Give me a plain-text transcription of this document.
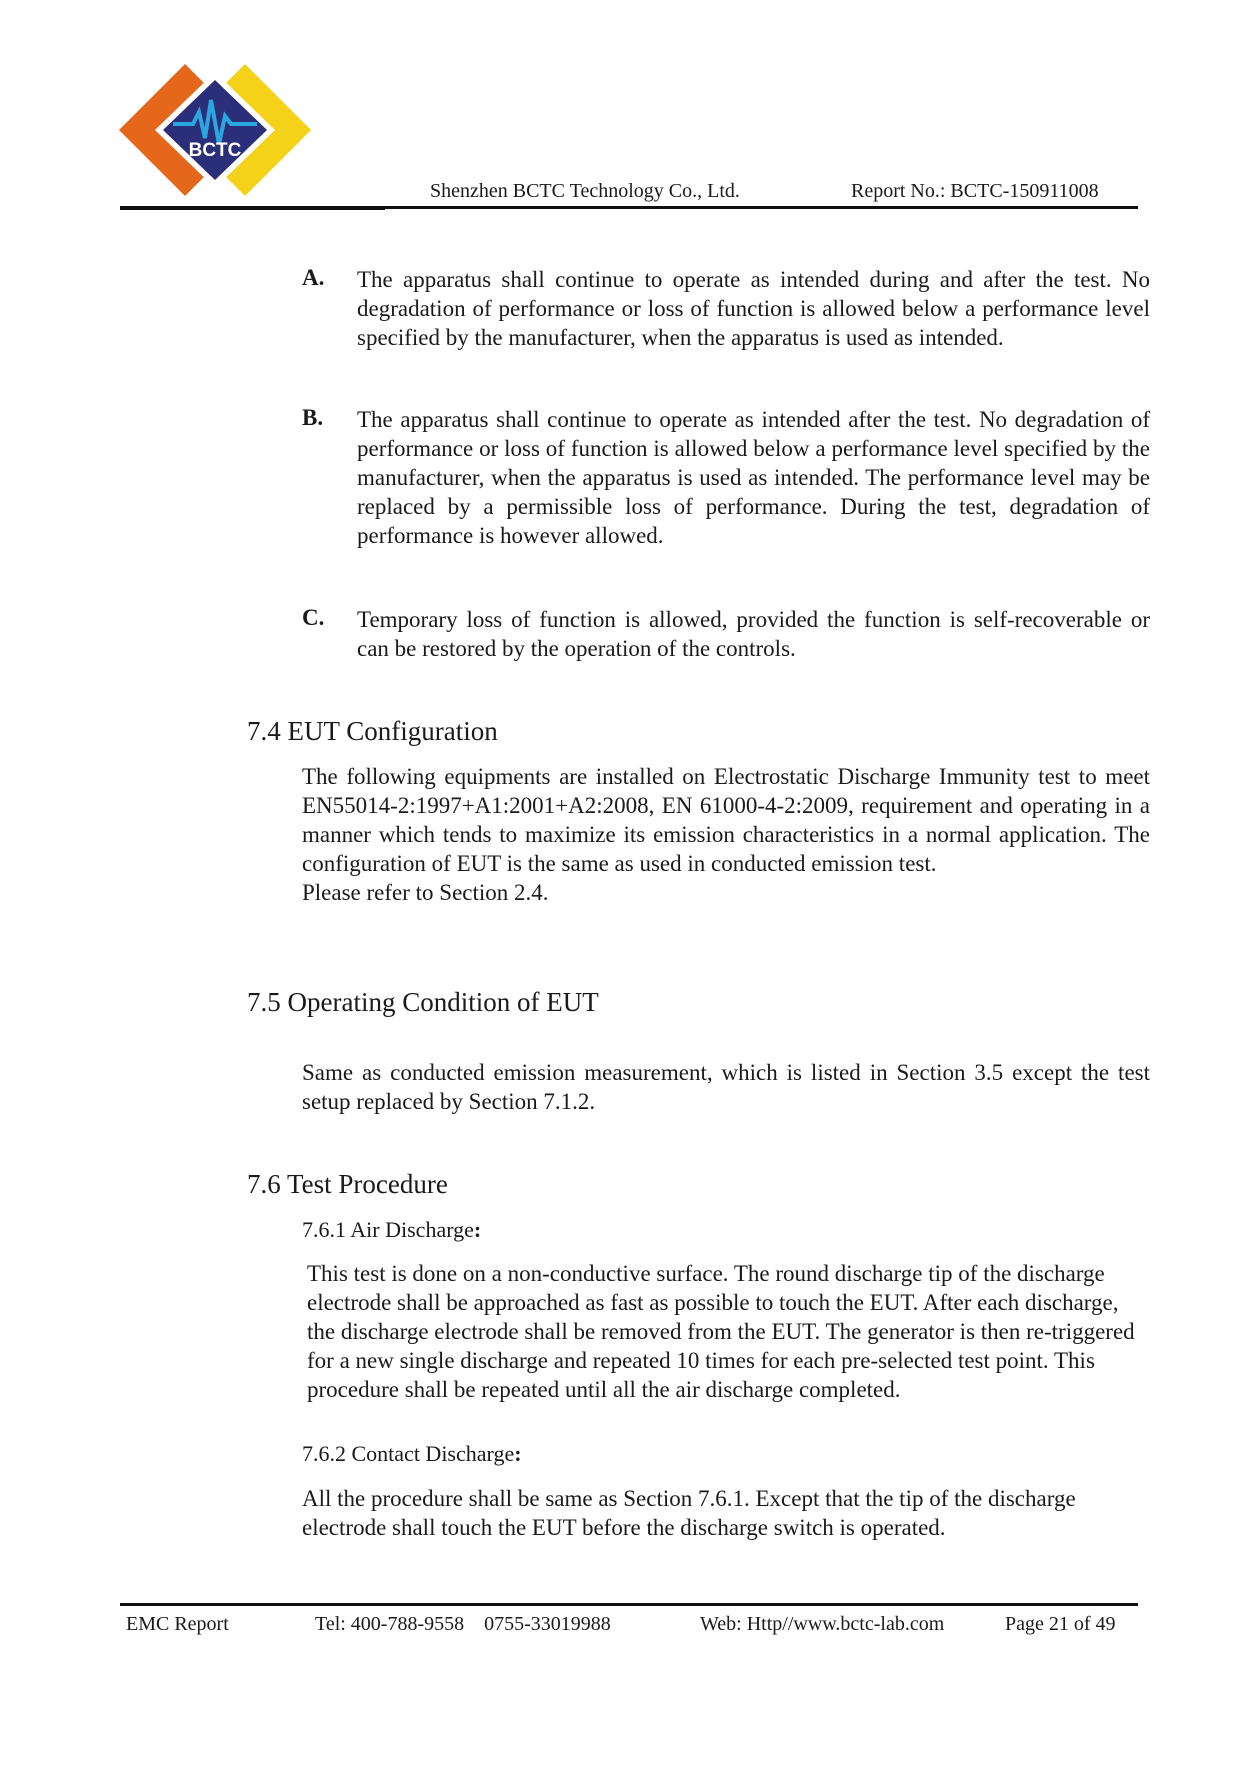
BCTC
Shenzhen BCTC Technology Co., Ltd.	Report No.: BCTC-150911008
A.	The apparatus shall continue to operate as intended during and after the test. No degradation of performance or loss of function is allowed below a performance level specified by the manufacturer, when the apparatus is used as intended.
B.	The apparatus shall continue to operate as intended after the test. No degradation of performance or loss of function is allowed below a performance level specified by the manufacturer, when the apparatus is used as intended. The performance level may be replaced by a permissible loss of performance. During the test, degradation of performance is however allowed.
C.	Temporary loss of function is allowed, provided the function is self-recoverable or can be restored by the operation of the controls.
7.4 EUT Configuration

The following equipments are installed on Electrostatic Discharge Immunity test to meet EN55014-2:1997+A1:2001+A2:2008, EN 61000-4-2:2009, requirement and operating in a manner which tends to maximize its emission characteristics in a normal application. The configuration of EUT is the same as used in conducted emission test.

Please refer to Section 2.4.

7.5 Operating Condition of EUT
Same as conducted emission measurement, which is listed in Section 3.5 except the test setup replaced by Section 7.1.2.
7.6 Test Procedure
7.6.1 Air Discharge:
This test is done on a non-conductive surface. The round discharge tip of the discharge electrode shall be approached as fast as possible to touch the EUT. After each discharge, the discharge electrode shall be removed from the EUT. The generator is then re-triggered for a new single discharge and repeated 10 times for each pre-selected test point. This procedure shall be repeated until all the air discharge completed.
7.6.2 Contact Discharge:
All the procedure shall be same as Section 7.6.1. Except that the tip of the discharge electrode shall touch the EUT before the discharge switch is operated.
EMC Report	Tel: 400-788-9558    0755-33019988	Web: Http//www.bctc-lab.com	Page 21 of 49
